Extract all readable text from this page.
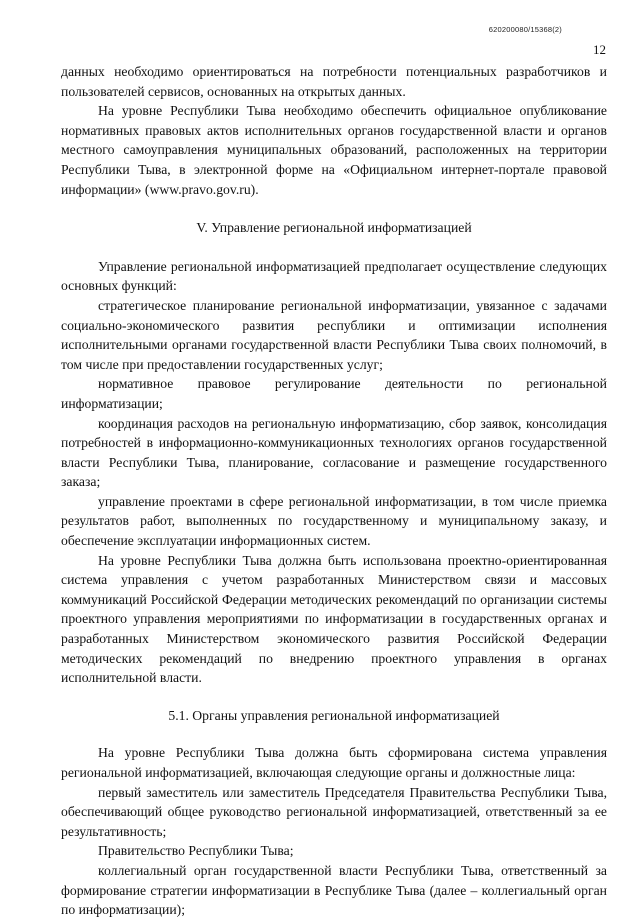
620200080/15368(2)
12

данных необходимо ориентироваться на потребности потенциальных разработчиков и пользователей сервисов, основанных на открытых данных.

На уровне Республики Тыва необходимо обеспечить официальное опубликование нормативных правовых актов исполнительных органов государственной власти и органов местного самоуправления муниципальных образований, расположенных на территории Республики Тыва, в электронной форме на «Официальном интернет-портале правовой информации» (www.pravo.gov.ru).

V. Управление региональной информатизацией

Управление региональной информатизацией предполагает осуществление следующих основных функций:

стратегическое планирование региональной информатизации, увязанное с задачами социально-экономического развития республики и оптимизации исполнения исполнительными органами государственной власти Республики Тыва своих полномочий, в том числе при предоставлении государственных услуг;

нормативное правовое регулирование деятельности по региональной информатизации;

координация расходов на региональную информатизацию, сбор заявок, консолидация потребностей в информационно-коммуникационных технологиях органов государственной власти Республики Тыва, планирование, согласование и размещение государственного заказа;

управление проектами в сфере региональной информатизации, в том числе приемка результатов работ, выполненных по государственному и муниципальному заказу, и обеспечение эксплуатации информационных систем.

На уровне Республики Тыва должна быть использована проектно-ориентированная система управления с учетом разработанных Министерством связи и массовых коммуникаций Российской Федерации методических рекомендаций по организации системы проектного управления мероприятиями по информатизации в государственных органах и разработанных Министерством экономического развития Российской Федерации методических рекомендаций по внедрению проектного управления в органах исполнительной власти.

5.1. Органы управления региональной информатизацией

На уровне Республики Тыва должна быть сформирована система управления региональной информатизацией, включающая следующие органы и должностные лица:

первый заместитель или заместитель Председателя Правительства Республики Тыва, обеспечивающий общее руководство региональной информатизацией, ответственный за ее результативность;

Правительство Республики Тыва;

коллегиальный орган государственной власти Республики Тыва, ответственный за формирование стратегии информатизации в Республике Тыва (далее – коллегиальный орган по информатизации);
